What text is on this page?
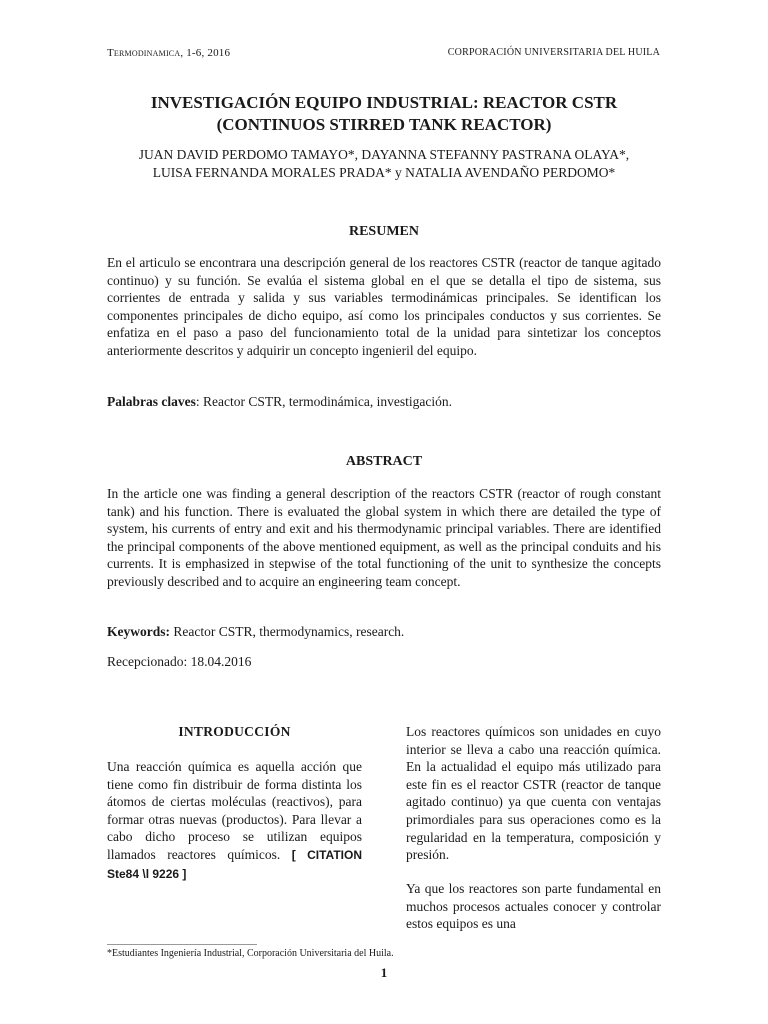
Termodinamica, 1-6, 2016	CORPORACIÓN UNIVERSITARIA DEL HUILA
INVESTIGACIÓN EQUIPO INDUSTRIAL: REACTOR CSTR
(CONTINUOS STIRRED TANK REACTOR)
JUAN DAVID PERDOMO TAMAYO*, DAYANNA STEFANNY PASTRANA OLAYA*,
LUISA FERNANDA MORALES PRADA* y NATALIA AVENDAÑO PERDOMO*
RESUMEN
En el articulo se encontrara una descripción general de los reactores CSTR (reactor de tanque agitado continuo) y su función. Se evalúa el sistema global en el que se detalla el tipo de sistema, sus corrientes de entrada y salida y sus variables termodinámicas principales. Se identifican los componentes principales de dicho equipo, así como los principales conductos y sus corrientes. Se enfatiza en el paso a paso del funcionamiento total de la unidad para sintetizar los conceptos anteriormente descritos y adquirir un concepto ingenieril del equipo.
Palabras claves: Reactor CSTR, termodinámica, investigación.
ABSTRACT
In the article one was finding a general description of the reactors CSTR (reactor of rough constant tank) and his function. There is evaluated the global system in which there are detailed the type of system, his currents of entry and exit and his thermodynamic principal variables. There are identified the principal components of the above mentioned equipment, as well as the principal conduits and his currents. It is emphasized in stepwise of the total functioning of the unit to synthesize the concepts previously described and to acquire an engineering team concept.
Keywords: Reactor CSTR, thermodynamics, research.
Recepcionado: 18.04.2016
INTRODUCCIÓN
Una reacción química es aquella acción que tiene como fin distribuir de forma distinta los átomos de ciertas moléculas (reactivos), para formar otras nuevas (productos). Para llevar a cabo dicho proceso se utilizan equipos llamados reactores químicos. [ CITATION Ste84 \l 9226 ]
Los reactores químicos son unidades en cuyo interior se lleva a cabo una reacción química. En la actualidad el equipo más utilizado para este fin es el reactor CSTR (reactor de tanque agitado continuo) ya que cuenta con ventajas primordiales para sus operaciones como es la regularidad en la temperatura, composición y presión.
Ya que los reactores son parte fundamental en muchos procesos actuales conocer y controlar estos equipos es una
*Estudiantes Ingeniería Industrial, Corporación Universitaria del Huila.
1
